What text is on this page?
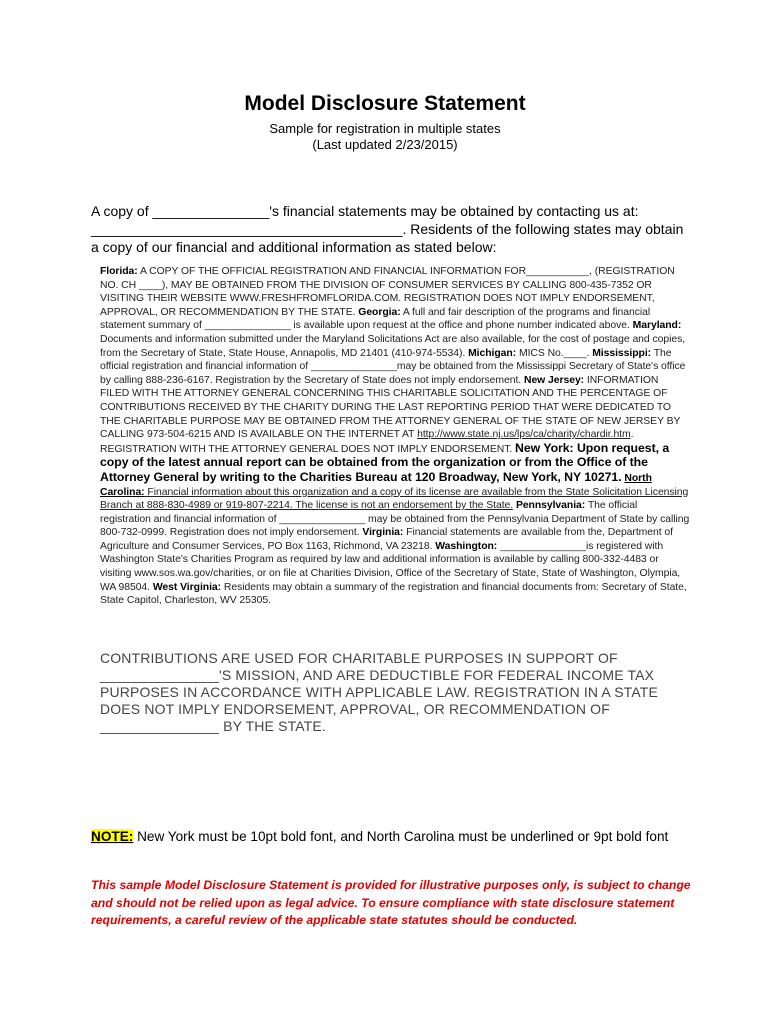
Model Disclosure Statement
Sample for registration in multiple states
(Last updated 2/23/2015)
A copy of _______________'s financial statements may be obtained by contacting us at: ________________________________________. Residents of the following states may obtain a copy of our financial and additional information as stated below:
Florida: A COPY OF THE OFFICIAL REGISTRATION AND FINANCIAL INFORMATION FOR___________, (REGISTRATION NO. CH ____), MAY BE OBTAINED FROM THE DIVISION OF CONSUMER SERVICES BY CALLING 800-435-7352 OR VISITING THEIR WEBSITE WWW.FRESHFROMFLORIDA.COM. REGISTRATION DOES NOT IMPLY ENDORSEMENT, APPROVAL, OR RECOMMENDATION BY THE STATE. Georgia: A full and fair description of the programs and financial statement summary of _______________ is available upon request at the office and phone number indicated above. Maryland: Documents and information submitted under the Maryland Solicitations Act are also available, for the cost of postage and copies, from the Secretary of State, State House, Annapolis, MD 21401 (410-974-5534). Michigan: MICS No.____. Mississippi: The official registration and financial information of _______________may be obtained from the Mississippi Secretary of State's office by calling 888-236-6167. Registration by the Secretary of State does not imply endorsement. New Jersey: INFORMATION FILED WITH THE ATTORNEY GENERAL CONCERNING THIS CHARITABLE SOLICITATION AND THE PERCENTAGE OF CONTRIBUTIONS RECEIVED BY THE CHARITY DURING THE LAST REPORTING PERIOD THAT WERE DEDICATED TO THE CHARITABLE PURPOSE MAY BE OBTAINED FROM THE ATTORNEY GENERAL OF THE STATE OF NEW JERSEY BY CALLING 973-504-6215 AND IS AVAILABLE ON THE INTERNET AT http://www.state.nj.us/lps/ca/charity/chardir.htm. REGISTRATION WITH THE ATTORNEY GENERAL DOES NOT IMPLY ENDORSEMENT. New York: Upon request, a copy of the latest annual report can be obtained from the organization or from the Office of the Attorney General by writing to the Charities Bureau at 120 Broadway, New York, NY 10271. North Carolina: Financial information about this organization and a copy of its license are available from the State Solicitation Licensing Branch at 888-830-4989 or 919-807-2214. The license is not an endorsement by the State. Pennsylvania: The official registration and financial information of _______________ may be obtained from the Pennsylvania Department of State by calling 800-732-0999. Registration does not imply endorsement. Virginia: Financial statements are available from the, Department of Agriculture and Consumer Services, PO Box 1163, Richmond, VA 23218. Washington: _______________is registered with Washington State's Charities Program as required by law and additional information is available by calling 800-332-4483 or visiting www.sos.wa.gov/charities, or on file at Charities Division, Office of the Secretary of State, State of Washington, Olympia, WA 98504. West Virginia: Residents may obtain a summary of the registration and financial documents from: Secretary of State, State Capitol, Charleston, WV 25305.
CONTRIBUTIONS ARE USED FOR CHARITABLE PURPOSES IN SUPPORT OF _______________'S MISSION, AND ARE DEDUCTIBLE FOR FEDERAL INCOME TAX PURPOSES IN ACCORDANCE WITH APPLICABLE LAW. REGISTRATION IN A STATE DOES NOT IMPLY ENDORSEMENT, APPROVAL, OR RECOMMENDATION OF _______________ BY THE STATE.
NOTE: New York must be 10pt bold font, and North Carolina must be underlined or 9pt bold font
This sample Model Disclosure Statement is provided for illustrative purposes only, is subject to change and should not be relied upon as legal advice. To ensure compliance with state disclosure statement requirements, a careful review of the applicable state statutes should be conducted.
